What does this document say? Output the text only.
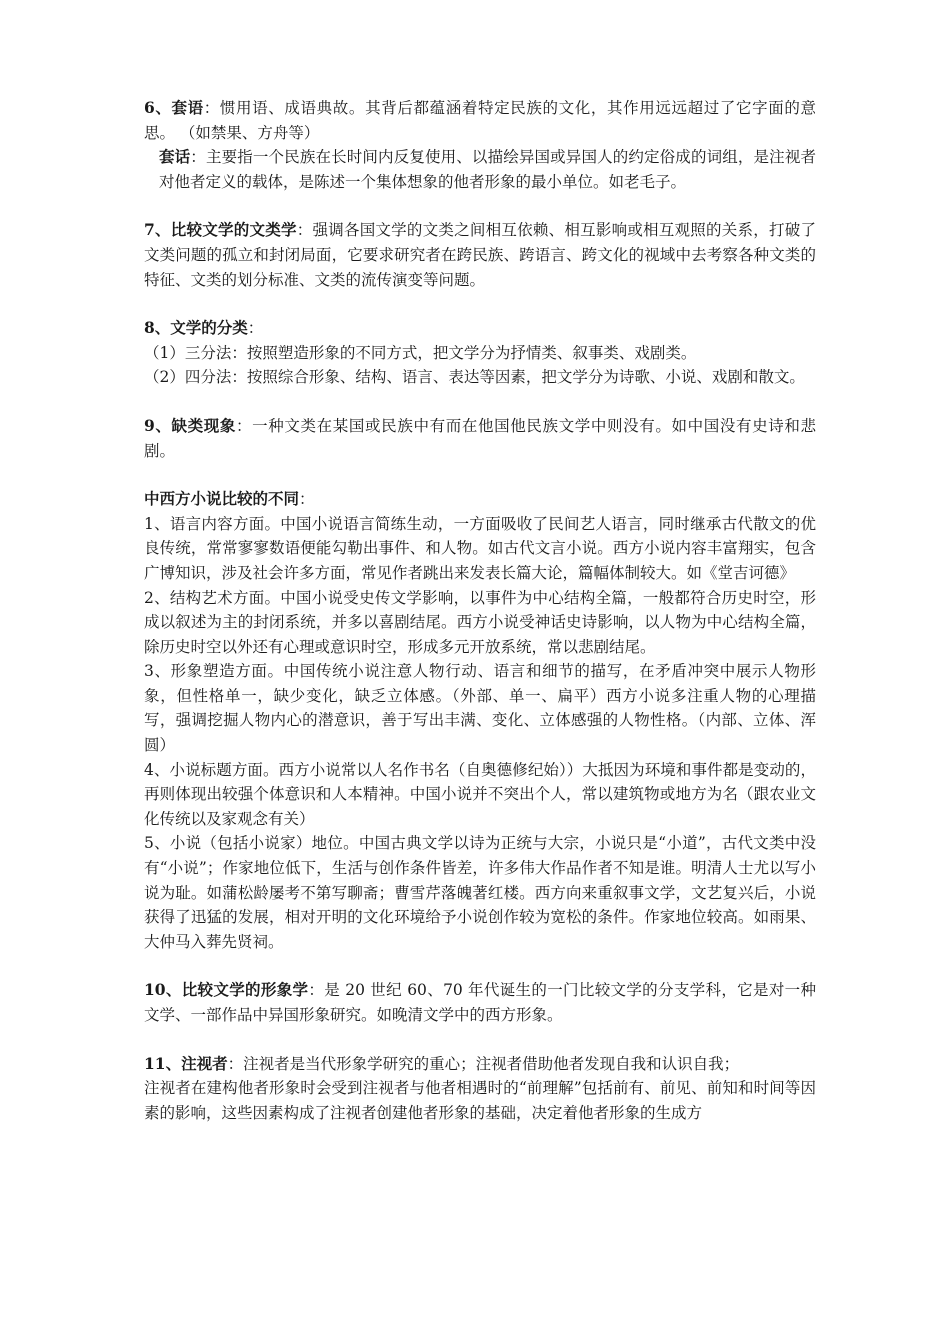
6、套语：惯用语、成语典故。其背后都蕴涵着特定民族的文化，其作用远远超过了它字面的意思。 （如禁果、方舟等）
套话：主要指一个民族在长时间内反复使用、以描绘异国或异国人的约定俗成的词组，是注视者对他者定义的载体，是陈述一个集体想象的他者形象的最小单位。如老毛子。
7、比较文学的文类学：强调各国文学的文类之间相互依赖、相互影响或相互观照的关系，打破了文类问题的孤立和封闭局面，它要求研究者在跨民族、跨语言、跨文化的视域中去考察各种文类的特征、文类的划分标准、文类的流传演变等问题。
8、文学的分类：
（1）三分法：按照塑造形象的不同方式，把文学分为抒情类、叙事类、戏剧类。
（2）四分法：按照综合形象、结构、语言、表达等因素，把文学分为诗歌、小说、戏剧和散文。
9、缺类现象：一种文类在某国或民族中有而在他国他民族文学中则没有。如中国没有史诗和悲剧。
中西方小说比较的不同：
1、语言内容方面。中国小说语言简练生动，一方面吸收了民间艺人语言，同时继承古代散文的优良传统，常常寥寥数语便能勾勒出事件、和人物。如古代文言小说。西方小说内容丰富翔实，包含广博知识，涉及社会许多方面，常见作者跳出来发表长篇大论，篇幅体制较大。如《堂吉诃德》
2、结构艺术方面。中国小说受史传文学影响，以事件为中心结构全篇，一般都符合历史时空，形成以叙述为主的封闭系统，并多以喜剧结尾。西方小说受神话史诗影响，以人物为中心结构全篇，除历史时空以外还有心理或意识时空，形成多元开放系统，常以悲剧结尾。
3、形象塑造方面。中国传统小说注意人物行动、语言和细节的描写，在矛盾冲突中展示人物形象，但性格单一，缺少变化，缺乏立体感。（外部、单一、扁平）西方小说多注重人物的心理描写，强调挖掘人物内心的潜意识，善于写出丰满、变化、立体感强的人物性格。（内部、立体、浑圆）
4、小说标题方面。西方小说常以人名作书名（自奥德修纪始））大抵因为环境和事件都是变动的，再则体现出较强个体意识和人本精神。中国小说并不突出个人，常以建筑物或地方为名（跟农业文化传统以及家观念有关）
5、小说（包括小说家）地位。中国古典文学以诗为正统与大宗，小说只是“小道”，古代文类中没有“小说”；作家地位低下，生活与创作条件皆差，许多伟大作品作者不知是谁。明清人士尤以写小说为耻。如蒲松龄屡考不第写聊斋；曹雪芹落魄著红楼。西方向来重叙事文学，文艺复兴后，小说获得了迅猛的发展，相对开明的文化环境给予小说创作较为宽松的条件。作家地位较高。如雨果、大仲马入葬先贤祠。
10、比较文学的形象学：是 20 世纪 60、70 年代诞生的一门比较文学的分支学科，它是对一种文学、一部作品中异国形象研究。如晚清文学中的西方形象。
11、注视者：注视者是当代形象学研究的重心；注视者借助他者发现自我和认识自我；
注视者在建构他者形象时会受到注视者与他者相遇时的“前理解”包括前有、前见、前知和时间等因素的影响，这些因素构成了注视者创建他者形象的基础，决定着他者形象的生成方
